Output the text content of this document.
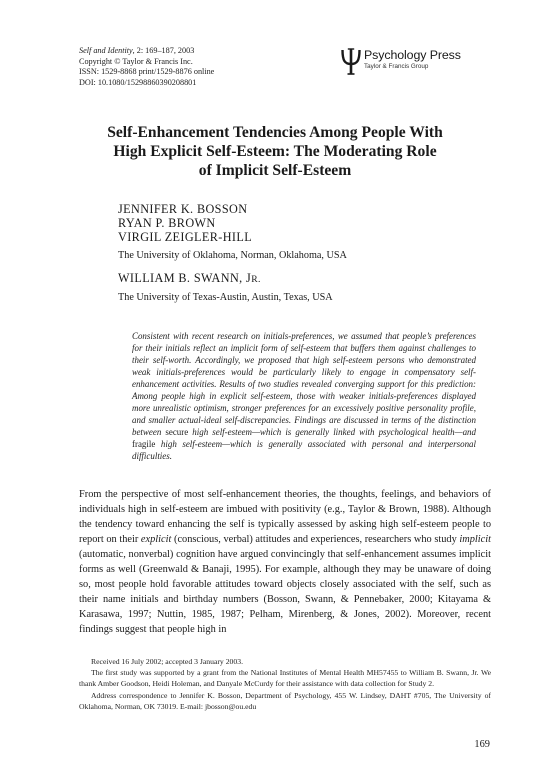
Self and Identity, 2: 169–187, 2003
Copyright © Taylor & Francis Inc.
ISSN: 1529-8868 print/1529-8876 online
DOI: 10.1080/15298860390208801
Psychology Press
Taylor & Francis Group
Self-Enhancement Tendencies Among People With
High Explicit Self-Esteem: The Moderating Role
of Implicit Self-Esteem
JENNIFER K. BOSSON
RYAN P. BROWN
VIRGIL ZEIGLER-HILL
The University of Oklahoma, Norman, Oklahoma, USA
WILLIAM B. SWANN, JR.
The University of Texas-Austin, Austin, Texas, USA
Consistent with recent research on initials-preferences, we assumed that people’s preferences for their initials reflect an implicit form of self-esteem that buffers them against challenges to their self-worth. Accordingly, we proposed that high self-esteem persons who demonstrated weak initials-preferences would be particularly likely to engage in compensatory self-enhancement activities. Results of two studies revealed converging support for this prediction: Among people high in explicit self-esteem, those with weaker initials-preferences displayed more unrealistic optimism, stronger preferences for an excessively positive personality profile, and smaller actual-ideal self-discrepancies. Findings are discussed in terms of the distinction between secure high self-esteem—which is generally linked with psychological health—and fragile high self-esteem—which is generally associated with personal and interpersonal difficulties.
From the perspective of most self-enhancement theories, the thoughts, feelings, and behaviors of individuals high in self-esteem are imbued with positivity (e.g., Taylor & Brown, 1988). Although the tendency toward enhancing the self is typically assessed by asking high self-esteem people to report on their explicit (conscious, verbal) attitudes and experiences, researchers who study implicit (automatic, nonverbal) cognition have argued convincingly that self-enhancement assumes implicit forms as well (Greenwald & Banaji, 1995). For example, although they may be unaware of doing so, most people hold favorable attitudes toward objects closely associated with the self, such as their name initials and birthday numbers (Bosson, Swann, & Pennebaker, 2000; Kitayama & Karasawa, 1997; Nuttin, 1985, 1987; Pelham, Mirenberg, & Jones, 2002). Moreover, recent findings suggest that people high in

Received 16 July 2002; accepted 3 January 2003.

The first study was supported by a grant from the National Institutes of Mental Health MH57455 to William B. Swann, Jr. We thank Amber Goodson, Heidi Holeman, and Danyale McCurdy for their assistance with data collection for Study 2.

Address correspondence to Jennifer K. Bosson, Department of Psychology, 455 W. Lindsey, DAHT #705, The University of Oklahoma, Norman, OK 73019. E-mail: jbosson@ou.edu

169
